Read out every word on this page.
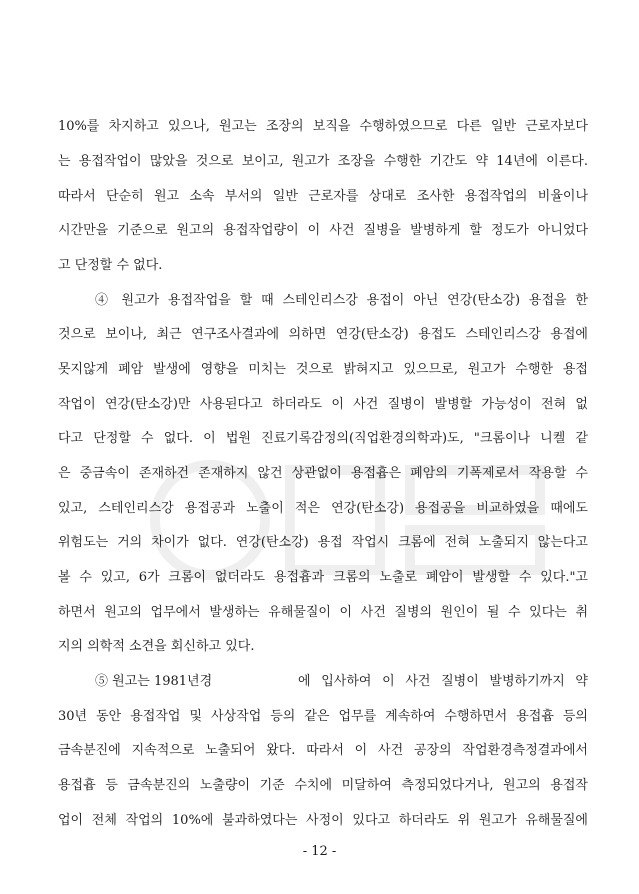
10%를 차지하고 있으나, 원고는 조장의 보직을 수행하였으므로 다른 일반 근로자보다
는 용접작업이 많았을 것으로 보이고, 원고가 조장을 수행한 기간도 약 14년에 이른다.
따라서 단순히 원고 소속 부서의 일반 근로자를 상대로 조사한 용접작업의 비율이나
시간만을 기준으로 원고의 용접작업량이 이 사건 질병을 발병하게 할 정도가 아니었다
고 단정할 수 없다.
④ 원고가 용접작업을 할 때 스테인리스강 용접이 아닌 연강(탄소강) 용접을 한
것으로 보이나, 최근 연구조사결과에 의하면 연강(탄소강) 용접도 스테인리스강 용접에
못지않게 폐암 발생에 영향을 미치는 것으로 밝혀지고 있으므로, 원고가 수행한 용접
작업이 연강(탄소강)만 사용된다고 하더라도 이 사건 질병이 발병할 가능성이 전혀 없
다고 단정할 수 없다. 이 법원 진료기록감정의(직업환경의학과)도, "크롬이나 니켈 같
은 중금속이 존재하건 존재하지 않건 상관없이 용접흄은 폐암의 기폭제로서 작용할 수
있고, 스테인리스강 용접공과 노출이 적은 연강(탄소강) 용접공을 비교하였을 때에도
위험도는 거의 차이가 없다. 연강(탄소강) 용접 작업시 크롬에 전혀 노출되지 않는다고
볼 수 있고, 6가 크롬이 없더라도 용접흄과 크롬의 노출로 폐암이 발생할 수 있다."고
하면서 원고의 업무에서 발생하는 유해물질이 이 사건 질병의 원인이 될 수 있다는 취
지의 의학적 소견을 회신하고 있다.
⑤ 원고는 1981년경	에 입사하여 이 사건 질병이 발병하기까지 약
30년 동안 용접작업 및 사상작업 등의 같은 업무를 계속하여 수행하면서 용접흄 등의
금속분진에 지속적으로 노출되어 왔다. 따라서 이 사건 공장의 작업환경측정결과에서
용접흄 등 금속분진의 노출량이 기준 수치에 미달하여 측정되었다거나, 원고의 용접작
업이 전체 작업의 10%에 불과하였다는 사정이 있다고 하더라도 위 원고가 유해물질에
- 12 -
